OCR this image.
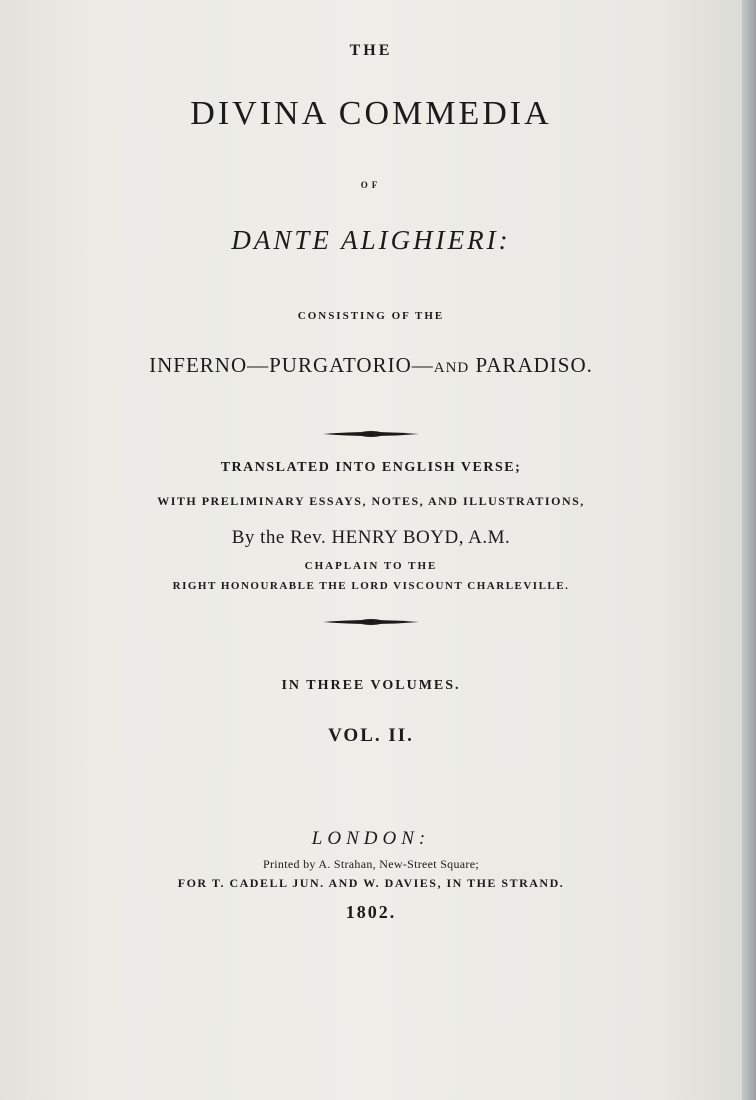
THE
DIVINA COMMEDIA
OF
DANTE ALIGHIERI:
CONSISTING OF THE
INFERNO—PURGATORIO—AND PARADISO.
TRANSLATED INTO ENGLISH VERSE;
WITH PRELIMINARY ESSAYS, NOTES, AND ILLUSTRATIONS,
By the Rev. HENRY BOYD, A.M.
CHAPLAIN TO THE
RIGHT HONOURABLE THE LORD VISCOUNT CHARLEVILLE.
IN THREE VOLUMES.
VOL. II.
LONDON:
Printed by A. Strahan, New-Street Square;
FOR T. CADELL JUN. AND W. DAVIES, IN THE STRAND.
1802.
